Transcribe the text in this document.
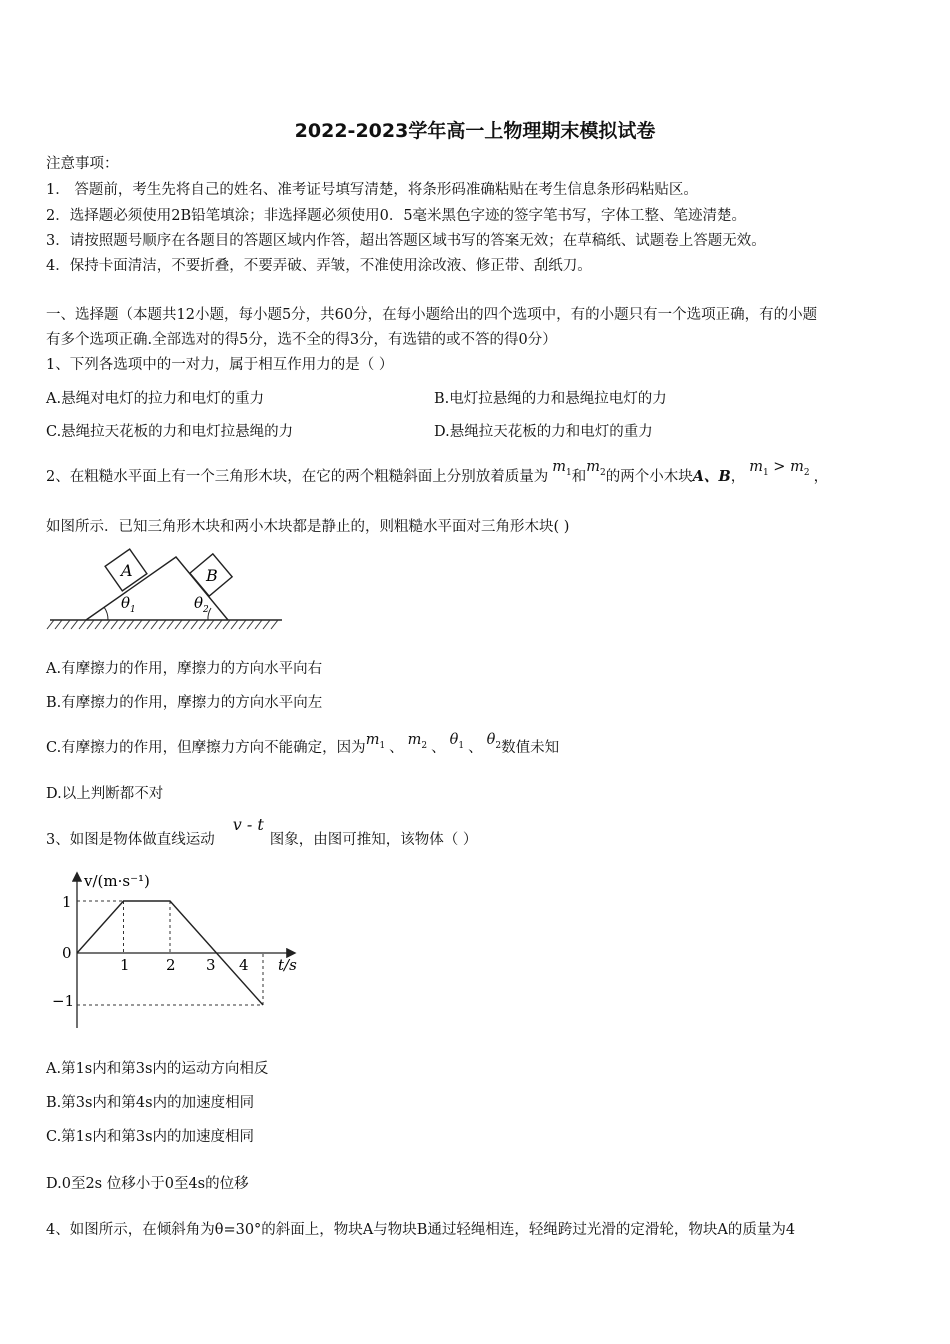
2022-2023学年高一上物理期末模拟试卷
注意事项：
1． 答题前，考生先将自己的姓名、准考证号填写清楚，将条形码准确粘贴在考生信息条形码粘贴区。
2．选择题必须使用2B铅笔填涂；非选择题必须使用0．5毫米黑色字迹的签字笔书写，字体工整、笔迹清楚。
3．请按照题号顺序在各题目的答题区域内作答，超出答题区域书写的答案无效；在草稿纸、试题卷上答题无效。
4．保持卡面清洁，不要折叠，不要弄破、弄皱，不准使用涂改液、修正带、刮纸刀。
一、选择题（本题共12小题，每小题5分，共60分，在每小题给出的四个选项中，有的小题只有一个选项正确，有的小题
有多个选项正确.全部选对的得5分，选不全的得3分，有选错的或不答的得0分）
1、下列各选项中的一对力，属于相互作用力的是（ ）
A.悬绳对电灯的拉力和电灯的重力	B.电灯拉悬绳的力和悬绳拉电灯的力
C.悬绳拉天花板的力和电灯拉悬绳的力	D.悬绳拉天花板的力和电灯的重力
2、在粗糙水平面上有一个三角形木块，在它的两个粗糙斜面上分别放着质量为$m_1$和$m_2$的两个小木块A、B，$m_1 > m_2$ ，
如图所示．已知三角形木块和两小木块都是静止的，则粗糙水平面对三角形木块( )
A	B
$\theta_1$	$\theta_2$
A.有摩擦力的作用，摩擦力的方向水平向右
B.有摩擦力的作用，摩擦力的方向水平向左
C.有摩擦力的作用，但摩擦力方向不能确定，因为$m_1$ 、 $m_2$ 、 $\theta_1$ 、 $\theta_2$数值未知
D.以上判断都不对
3、如图是物体做直线运动v - t图象，由图可推知，该物体（ ）
v/(m·s⁻¹)
t/s
1
0
−1
1 2 3 4
A.第1s内和第3s内的运动方向相反
B.第3s内和第4s内的加速度相同
C.第1s内和第3s内的加速度相同
D.0至2s 位移小于0至4s的位移
4、如图所示，在倾斜角为θ=30°的斜面上，物块A与物块B通过轻绳相连，轻绳跨过光滑的定滑轮，物块A的质量为4
